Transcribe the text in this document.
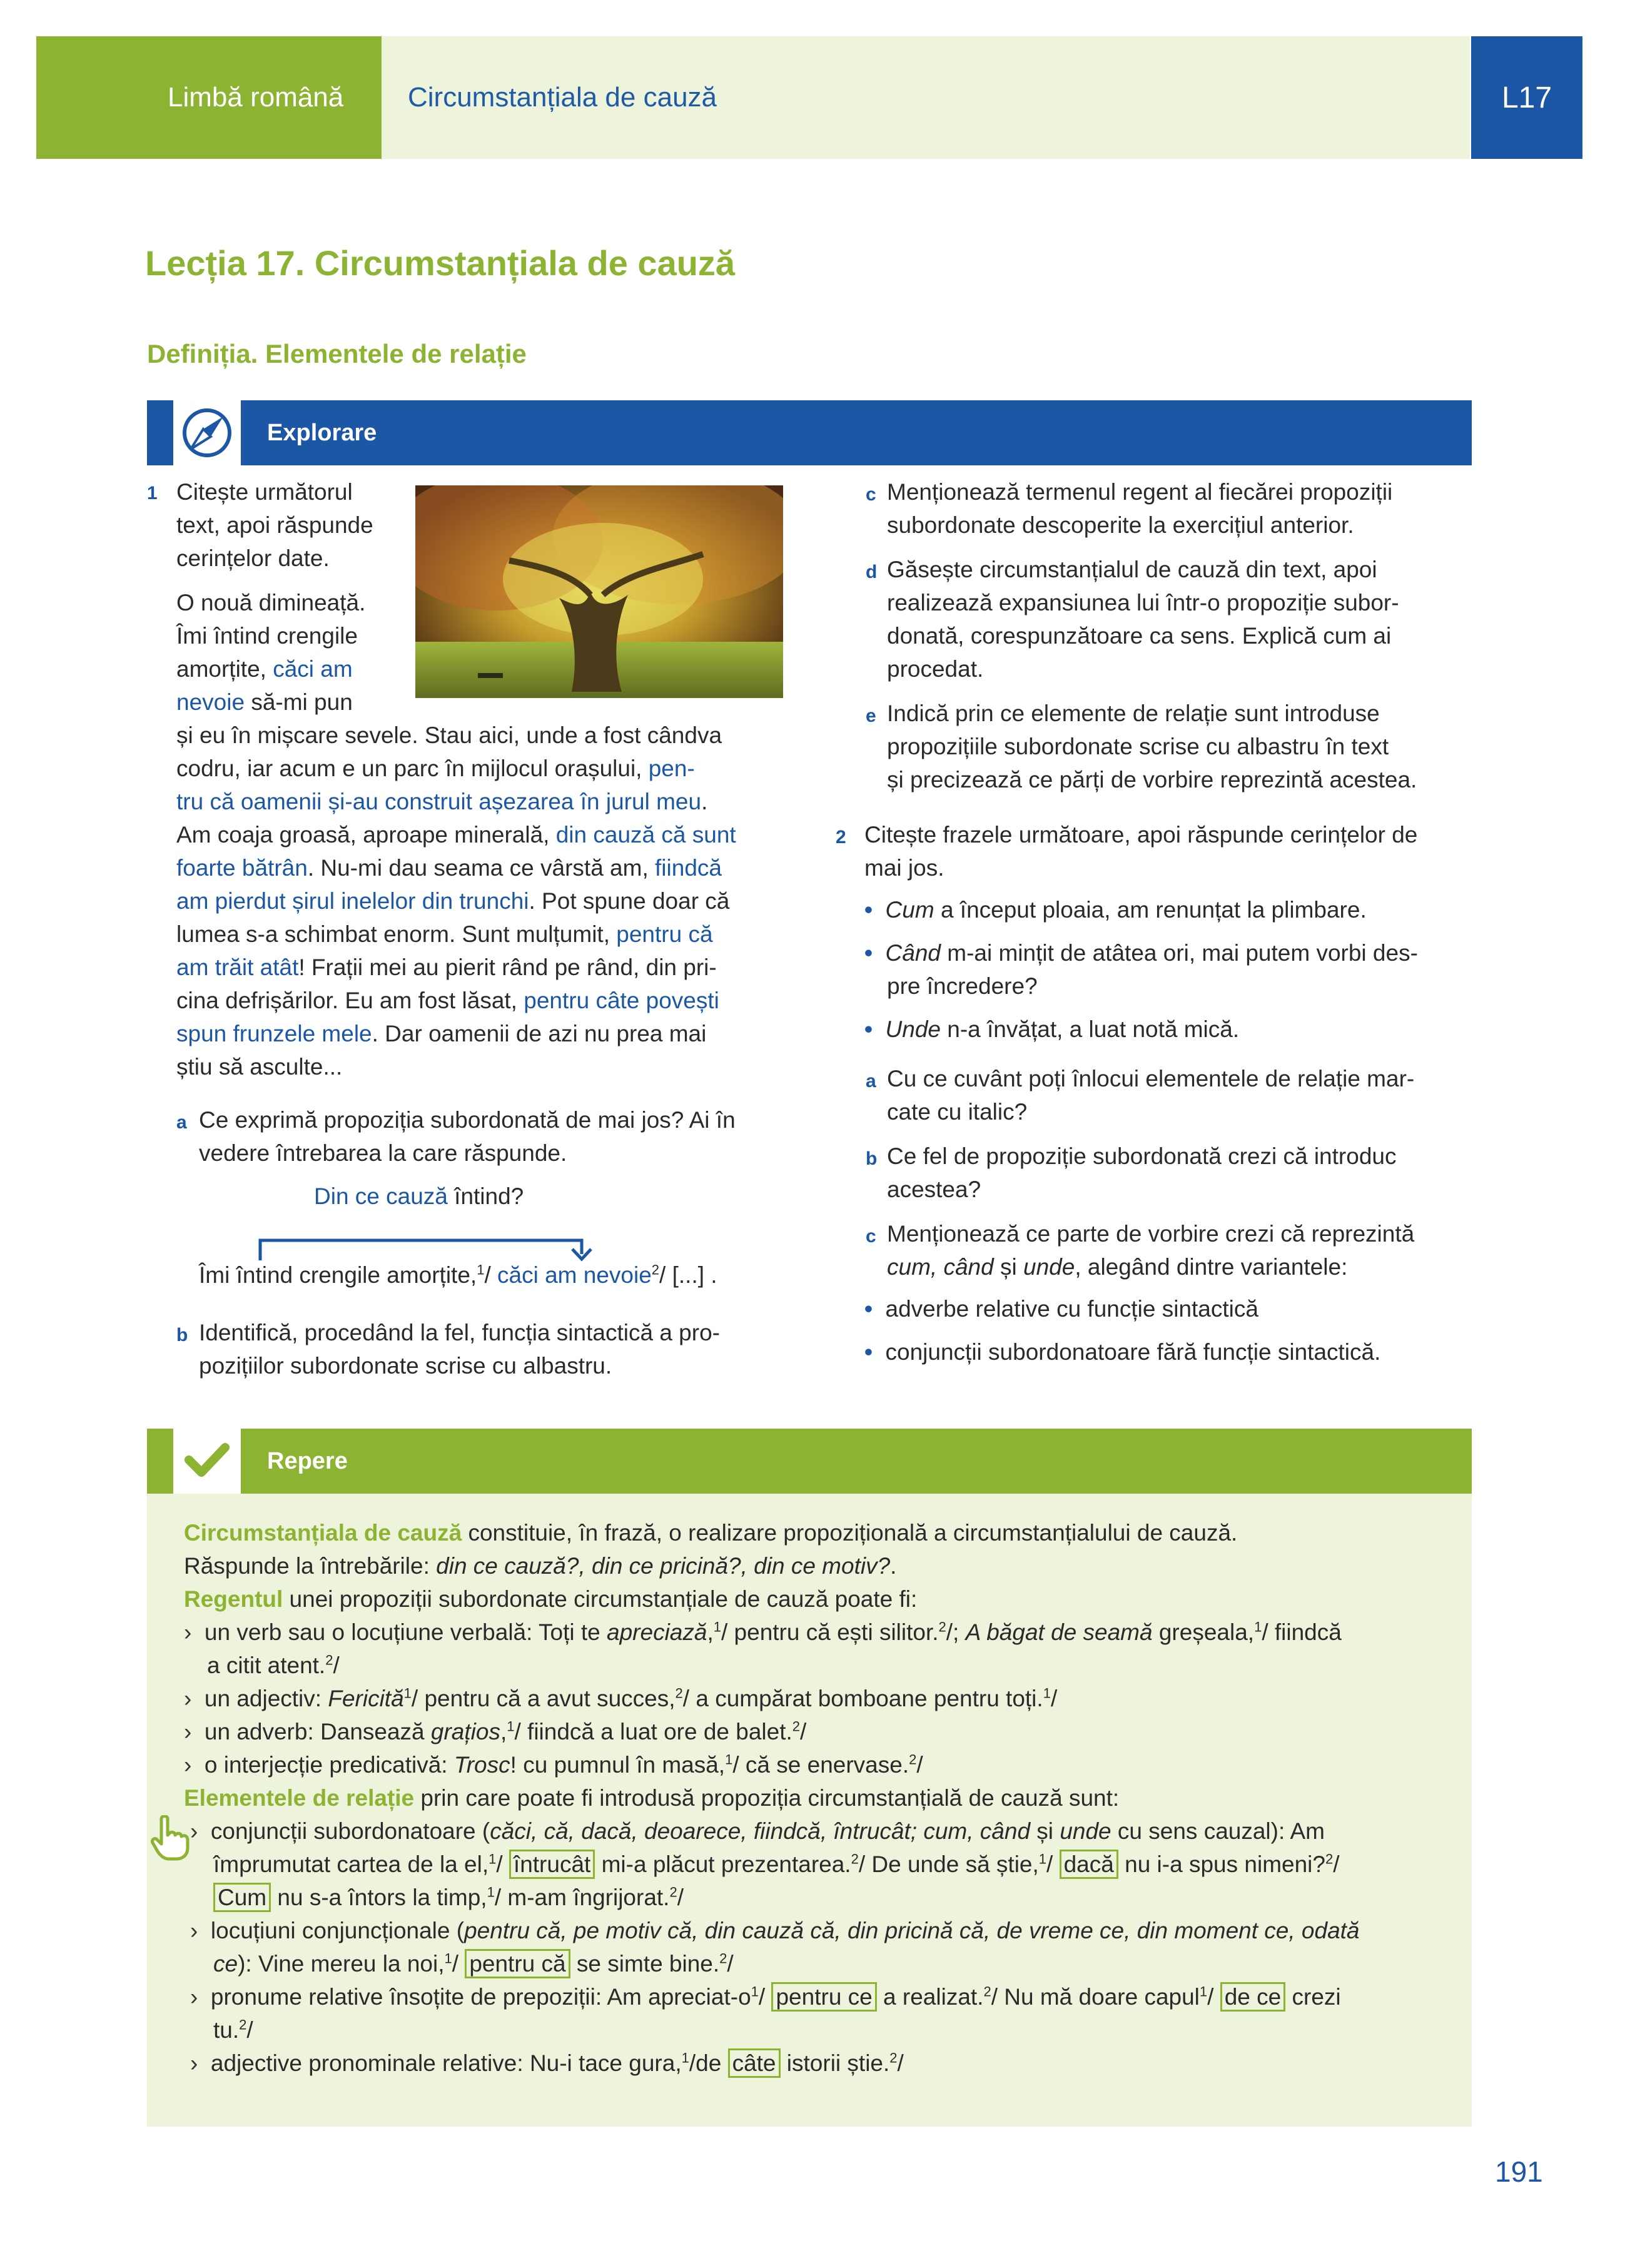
Limbă română	Circumstanțiala de cauză	L17
Lecția 17. Circumstanțiala de cauză
Definiția. Elementele de relație
Explorare
1 Citește următorul

text, apoi răspunde

cerințelor date.

O nouă dimineață.

Îmi întind crengile

amorțite, căci am

nevoie să-mi pun

și eu în mișcare sevele. Stau aici, unde a fost cândva

codru, iar acum e un parc în mijlocul orașului, pen-

tru că oamenii și-au construit așezarea în jurul meu.

Am coaja groasă, aproape minerală, din cauză că sunt

foarte bătrân. Nu-mi dau seama ce vârstă am, fiindcă

am pierdut șirul inelelor din trunchi. Pot spune doar că

lumea s-a schimbat enorm. Sunt mulțumit, pentru că

am trăit atât! Frații mei au pierit rând pe rând, din pri-

cina defrișărilor. Eu am fost lăsat, pentru câte povești

spun frunzele mele. Dar oamenii de azi nu prea mai

știu să asculte...

a Ce exprimă propoziția subordonată de mai jos? Ai în

vedere întrebarea la care răspunde.

Din ce cauză întind?
Îmi întind crengile amorțite,$^1$/ căci am nevoie$^2$/ [...] .
b Identifică, procedând la fel, funcția sintactică a pro-

pozițiilor subordonate scrise cu albastru.

c Menționează termenul regent al fiecărei propoziții

subordonate descoperite la exercițiul anterior.

d Găsește circumstanțialul de cauză din text, apoi

realizează expansiunea lui într-o propoziție subor-

donată, corespunzătoare ca sens. Explică cum ai

procedat.

e Indică prin ce elemente de relație sunt introduse

propozițiile subordonate scrise cu albastru în text

și precizează ce părți de vorbire reprezintă acestea.

2 Citește frazele următoare, apoi răspunde cerințelor de

mai jos.

• Cum a început ploaia, am renunțat la plimbare.

• Când m-ai mințit de atâtea ori, mai putem vorbi des-

pre încredere?

• Unde n-a învățat, a luat notă mică.

a Cu ce cuvânt poți înlocui elementele de relație mar-

cate cu italic?

b Ce fel de propoziție subordonată crezi că introduc

acestea?

c Menționează ce parte de vorbire crezi că reprezintă

cum, când și unde, alegând dintre variantele:

• adverbe relative cu funcție sintactică

• conjuncții subordonatoare fără funcție sintactică.

Repere
Circumstanțiala de cauză constituie, în frază, o realizare propozițională a circumstanțialului de cauză.
Răspunde la întrebările: din ce cauză?, din ce pricină?, din ce motiv?.
Regentul unei propoziții subordonate circumstanțiale de cauză poate fi:
› un verb sau o locuțiune verbală: Toți te apreciază,$^1$/ pentru că ești silitor.$^2$/; A băgat de seamă greșeala,$^1$/ fiindcă
a citit atent.$^2$/
› un adjectiv: Fericită$^1$/ pentru că a avut succes,$^2$/ a cumpărat bomboane pentru toți.$^1$/
› un adverb: Dansează grațios,$^1$/ fiindcă a luat ore de balet.$^2$/
› o interjecție predicativă: Trosc! cu pumnul în masă,$^1$/ că se enervase.$^2$/
Elementele de relație prin care poate fi introdusă propoziția circumstanțială de cauză sunt:
› conjuncții subordonatoare (căci, că, dacă, deoarece, fiindcă, întrucât; cum, când și unde cu sens cauzal): Am
împrumutat cartea de la el,$^1$/ întrucât mi-a plăcut prezentarea.$^2$/ De unde să știe,$^1$/ dacă nu i-a spus nimeni?$^2$/
Cum nu s-a întors la timp,$^1$/ m-am îngrijorat.$^2$/
› locuțiuni conjuncționale (pentru că, pe motiv că, din cauză că, din pricină că, de vreme ce, din moment ce, odată
ce): Vine mereu la noi,$^1$/ pentru că se simte bine.$^2$/
› pronume relative însoțite de prepoziții: Am apreciat-$o^1/$ pentru ce a realizat.$^2$/ Nu mă doare capul$^1$/ de ce crezi
tu.$^2$/
› adjective pronominale relative: Nu-i tace gura,$^1$/de câte istorii știe.$^2$/
191
